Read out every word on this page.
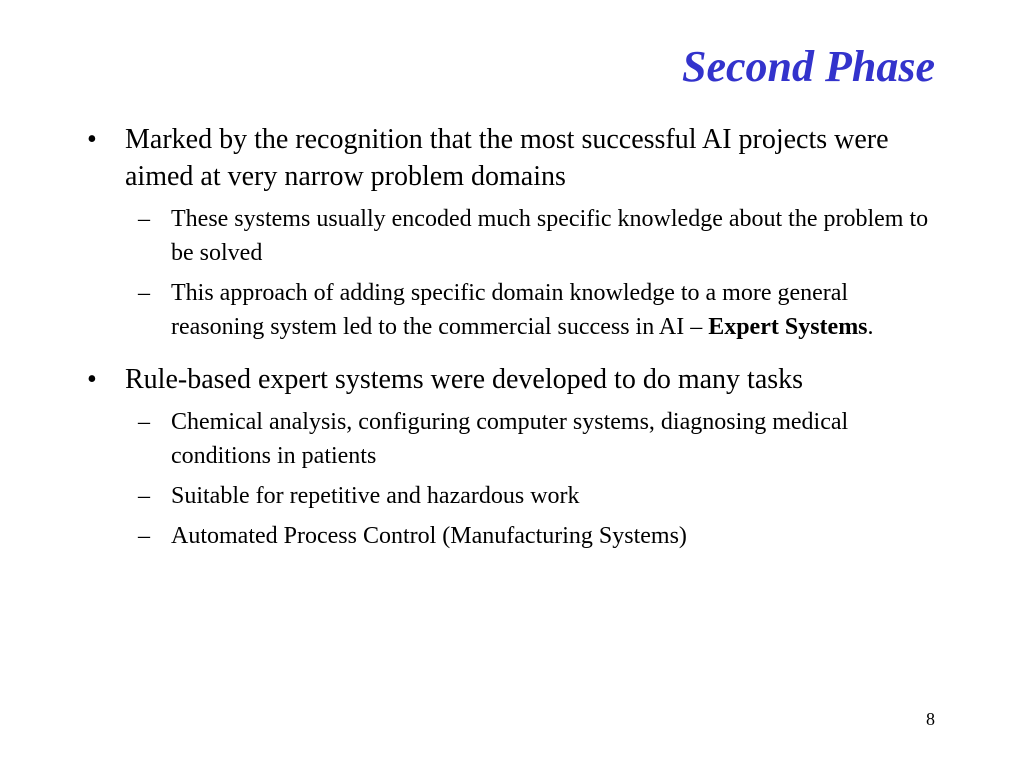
Second Phase
• Marked by the recognition that the most successful AI projects were aimed at very narrow problem domains
– These systems usually encoded much specific knowledge about the problem to be solved
– This approach of adding specific domain knowledge to a more general reasoning system led to the commercial success in AI – Expert Systems.
• Rule-based expert systems were developed to do many tasks
– Chemical analysis, configuring computer systems, diagnosing medical conditions in patients
– Suitable for repetitive and hazardous work
– Automated Process Control (Manufacturing Systems)
8
